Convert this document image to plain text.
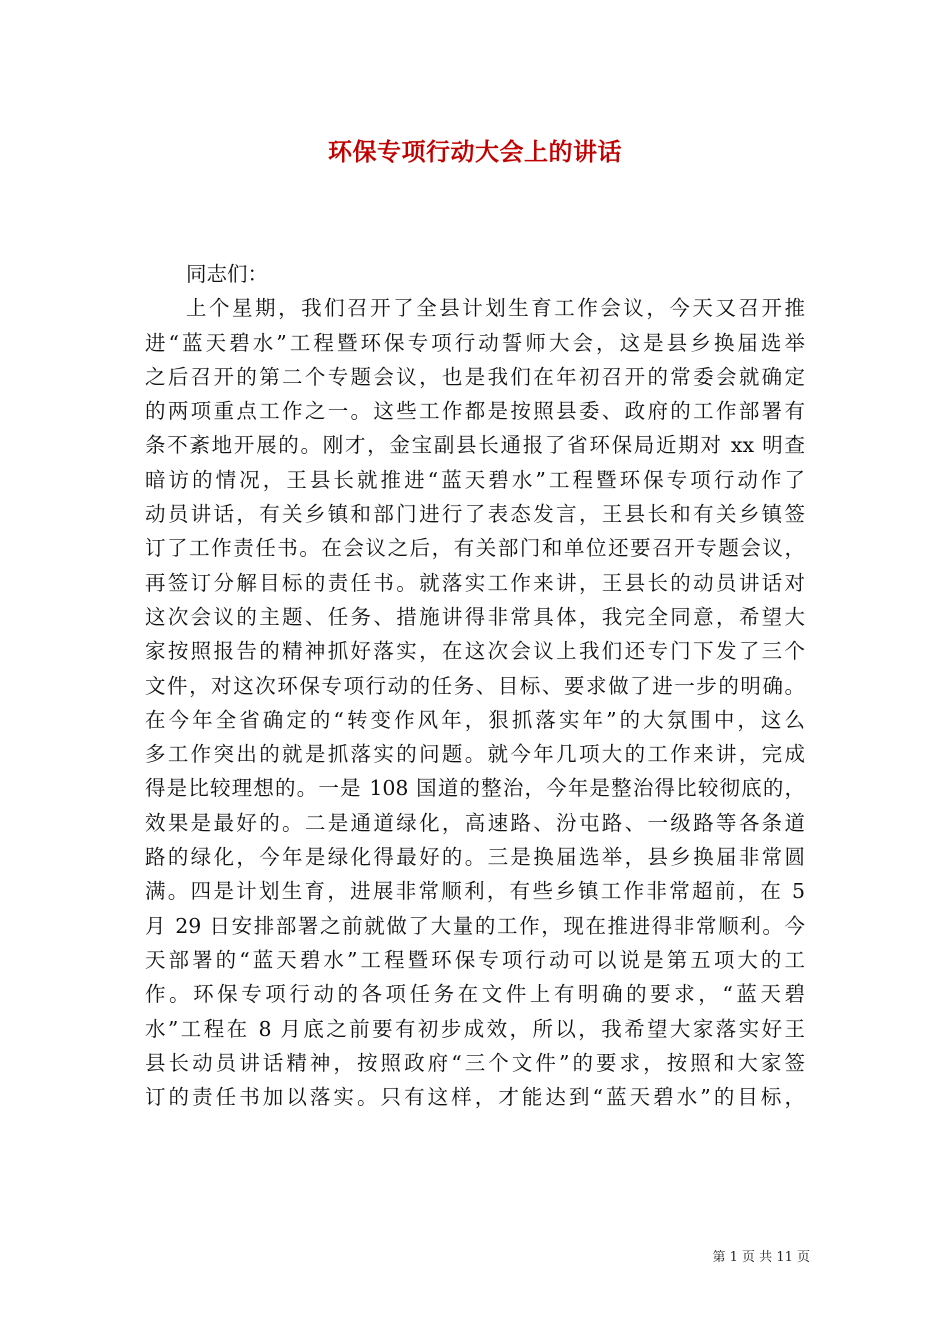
环保专项行动大会上的讲话
同志们：
上个星期，我们召开了全县计划生育工作会议，今天又召开推
进“蓝天碧水”工程暨环保专项行动誓师大会，这是县乡换届选举
之后召开的第二个专题会议，也是我们在年初召开的常委会就确定
的两项重点工作之一。这些工作都是按照县委、政府的工作部署有
条不紊地开展的。刚才，金宝副县长通报了省环保局近期对 xx 明查
暗访的情况，王县长就推进“蓝天碧水”工程暨环保专项行动作了
动员讲话，有关乡镇和部门进行了表态发言，王县长和有关乡镇签
订了工作责任书。在会议之后，有关部门和单位还要召开专题会议，
再签订分解目标的责任书。就落实工作来讲，王县长的动员讲话对
这次会议的主题、任务、措施讲得非常具体，我完全同意，希望大
家按照报告的精神抓好落实，在这次会议上我们还专门下发了三个
文件，对这次环保专项行动的任务、目标、要求做了进一步的明确。
在今年全省确定的“转变作风年，狠抓落实年”的大氛围中，这么
多工作突出的就是抓落实的问题。就今年几项大的工作来讲，完成
得是比较理想的。一是 108 国道的整治，今年是整治得比较彻底的，
效果是最好的。二是通道绿化，高速路、汾屯路、一级路等各条道
路的绿化，今年是绿化得最好的。三是换届选举，县乡换届非常圆
满。四是计划生育，进展非常顺利，有些乡镇工作非常超前，在 5
月 29 日安排部署之前就做了大量的工作，现在推进得非常顺利。今
天部署的“蓝天碧水”工程暨环保专项行动可以说是第五项大的工
作。环保专项行动的各项任务在文件上有明确的要求，“蓝天碧
水”工程在 8 月底之前要有初步成效，所以，我希望大家落实好王
县长动员讲话精神，按照政府“三个文件”的要求，按照和大家签
订的责任书加以落实。只有这样，才能达到“蓝天碧水”的目标，
第 1 页 共 11 页
